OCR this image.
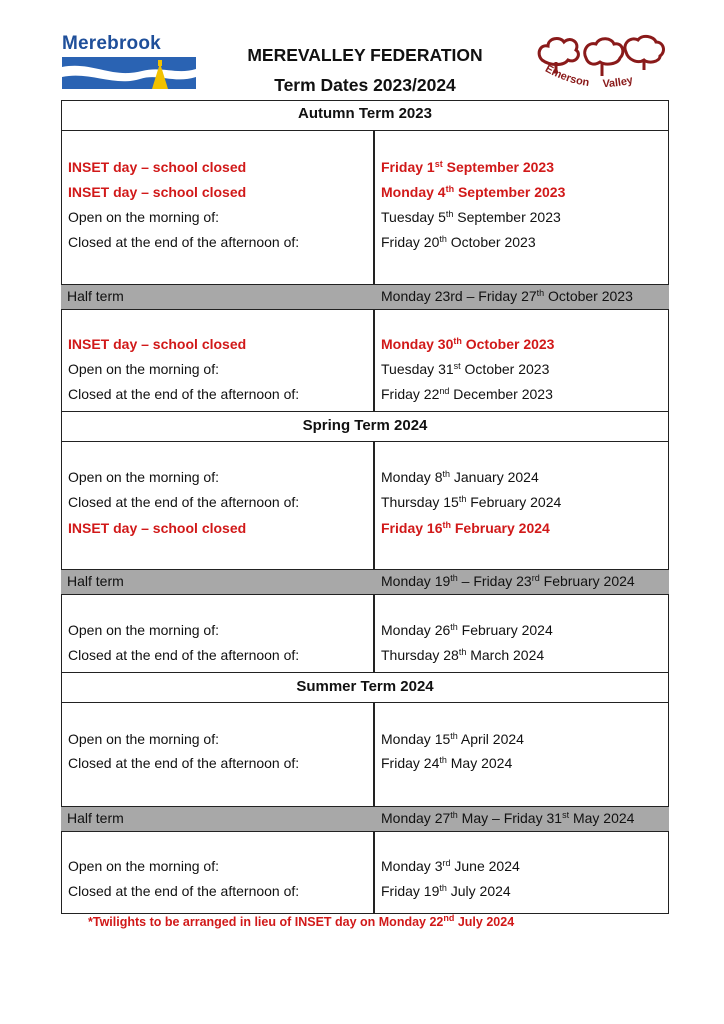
Merebrook
MEREVALLEY FEDERATION
Term Dates 2023/2024
Emerson Valley
Autumn Term 2023
INSET day – school closed	Friday 1st September 2023
INSET day – school closed	Monday 4th September 2023
Open on the morning of:	Tuesday 5th September 2023
Closed at the end of the afternoon of:	Friday 20th October 2023
Half term	Monday 23rd – Friday 27th October 2023
INSET day – school closed	Monday 30th October 2023
Open on the morning of:	Tuesday 31st October 2023
Closed at the end of the afternoon of:	Friday 22nd December 2023
Spring Term 2024
Open on the morning of:	Monday 8th January 2024
Closed at the end of the afternoon of:	Thursday 15th February 2024
INSET day – school closed	Friday 16th February 2024
Half term	Monday 19th – Friday 23rd February 2024
Open on the morning of:	Monday 26th February 2024
Closed at the end of the afternoon of:	Thursday 28th March 2024
Summer Term 2024
Open on the morning of:	Monday 15th April 2024
Closed at the end of the afternoon of:	Friday 24th May 2024
Half term	Monday 27th May – Friday 31st May 2024
Open on the morning of:	Monday 3rd June 2024
Closed at the end of the afternoon of:	Friday 19th July 2024
*Twilights to be arranged in lieu of INSET day on Monday 22nd July 2024
